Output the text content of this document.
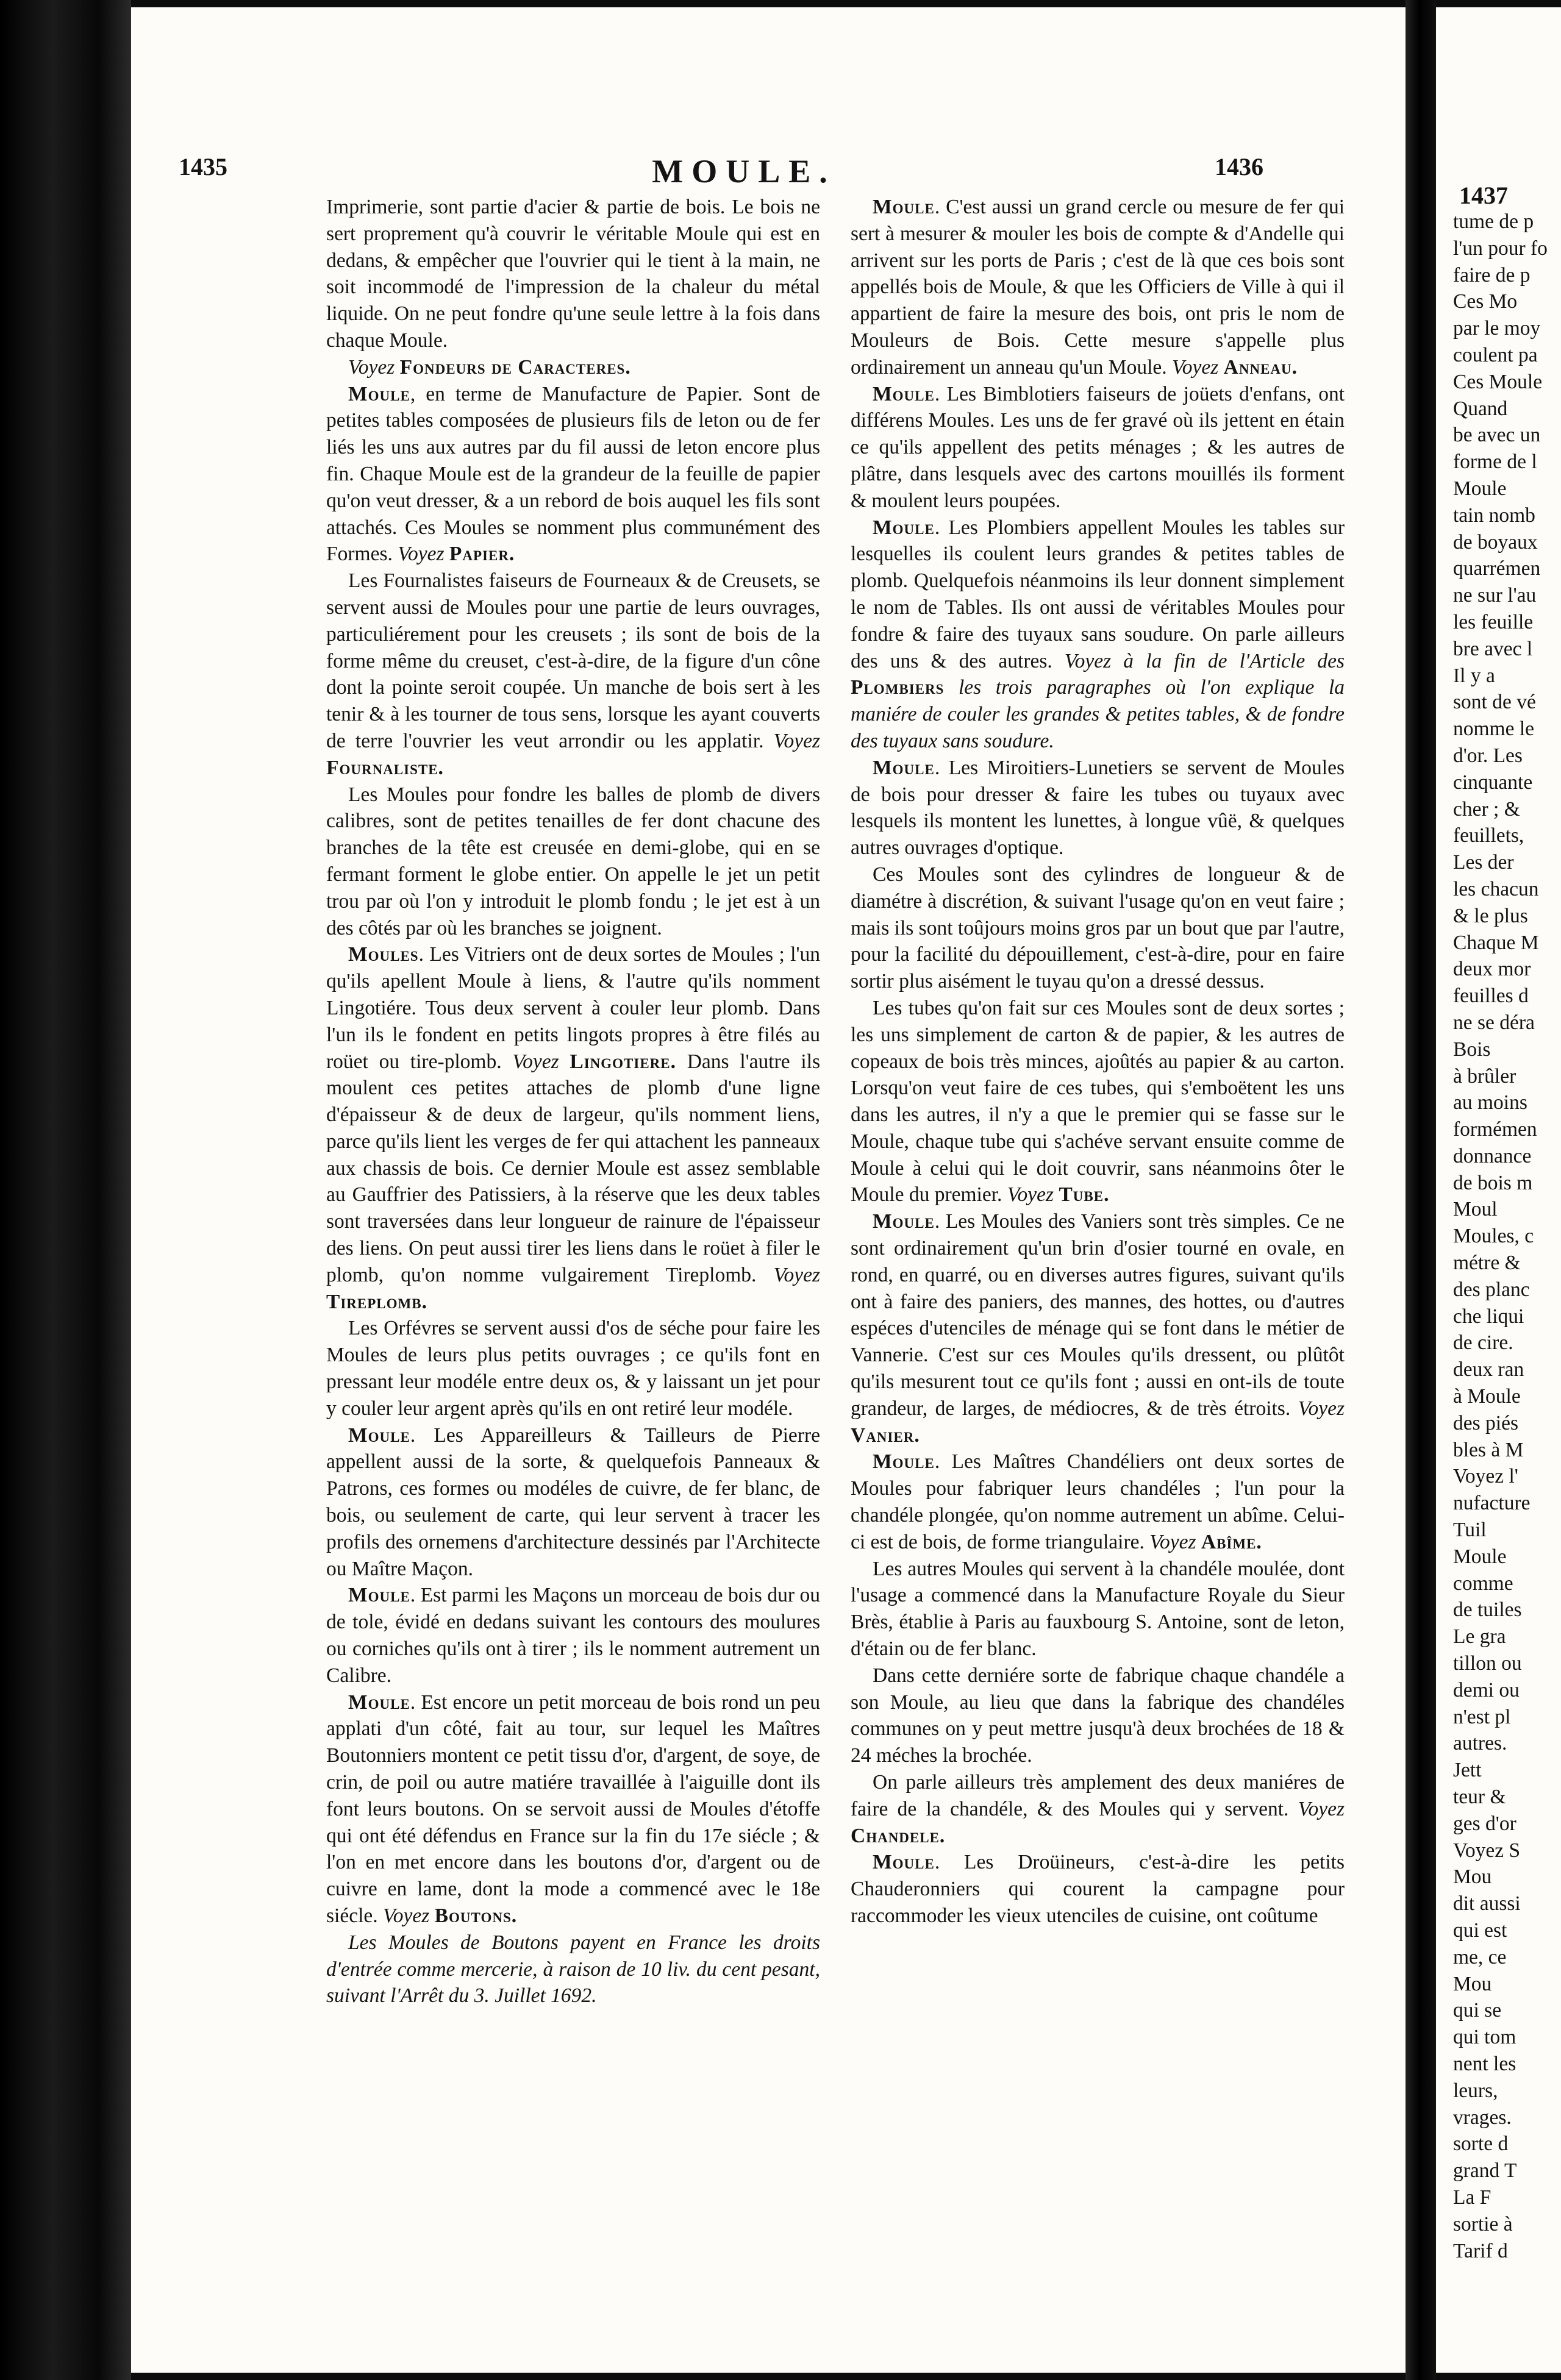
1435	MOULE.	1436

Imprimerie, sont partie d'acier & partie de bois. Le bois ne sert proprement qu'à couvrir le véritable Moule qui est en dedans, & empêcher que l'ouvrier qui le tient à la main, ne soit incommodé de l'impression de la chaleur du métal liquide. On ne peut fondre qu'une seule lettre à la fois dans chaque Moule.

Voyez Fondeurs de Caracteres.

Moule, en terme de Manufacture de Papier. Sont de petites tables composées de plusieurs fils de leton ou de fer liés les uns aux autres par du fil aussi de leton encore plus fin. Chaque Moule est de la grandeur de la feuille de papier qu'on veut dresser, & a un rebord de bois auquel les fils sont attachés. Ces Moules se nomment plus communément des Formes. Voyez Papier.

Les Fournalistes faiseurs de Fourneaux & de Creusets, se servent aussi de Moules pour une partie de leurs ouvrages, particuliérement pour les creusets ; ils sont de bois de la forme même du creuset, c'est-à-dire, de la figure d'un cône dont la pointe seroit coupée. Un manche de bois sert à les tenir & à les tourner de tous sens, lorsque les ayant couverts de terre l'ouvrier les veut arrondir ou les applatir. Voyez Fournaliste.

Les Moules pour fondre les balles de plomb de divers calibres, sont de petites tenailles de fer dont chacune des branches de la tête est creusée en demi-globe, qui en se fermant forment le globe entier. On appelle le jet un petit trou par où l'on y introduit le plomb fondu ; le jet est à un des côtés par où les branches se joignent.

Moules. Les Vitriers ont de deux sortes de Moules ; l'un qu'ils apellent Moule à liens, & l'autre qu'ils nomment Lingotiére. Tous deux servent à couler leur plomb. Dans l'un ils le fondent en petits lingots propres à être filés au roüet ou tire-plomb. Voyez Lingotiere. Dans l'autre ils moulent ces petites attaches de plomb d'une ligne d'épaisseur & de deux de largeur, qu'ils nomment liens, parce qu'ils lient les verges de fer qui attachent les panneaux aux chassis de bois. Ce dernier Moule est assez semblable au Gauffrier des Patissiers, à la réserve que les deux tables sont traversées dans leur longueur de rainure de l'épaisseur des liens. On peut aussi tirer les liens dans le roüet à filer le plomb, qu'on nomme vulgairement Tireplomb. Voyez Tireplomb.

Les Orfévres se servent aussi d'os de séche pour faire les Moules de leurs plus petits ouvrages ; ce qu'ils font en pressant leur modéle entre deux os, & y laissant un jet pour y couler leur argent après qu'ils en ont retiré leur modéle.

Moule. Les Appareilleurs & Tailleurs de Pierre appellent aussi de la sorte, & quelquefois Panneaux & Patrons, ces formes ou modéles de cuivre, de fer blanc, de bois, ou seulement de carte, qui leur servent à tracer les profils des ornemens d'architecture dessinés par l'Architecte ou Maître Maçon.

Moule. Est parmi les Maçons un morceau de bois dur ou de tole, évidé en dedans suivant les contours des moulures ou corniches qu'ils ont à tirer ; ils le nomment autrement un Calibre.

Moule. Est encore un petit morceau de bois rond un peu applati d'un côté, fait au tour, sur lequel les Maîtres Boutonniers montent ce petit tissu d'or, d'argent, de soye, de crin, de poil ou autre matiére travaillée à l'aiguille dont ils font leurs boutons. On se servoit aussi de Moules d'étoffe qui ont été défendus en France sur la fin du 17e siécle ; & l'on en met encore dans les boutons d'or, d'argent ou de cuivre en lame, dont la mode a commencé avec le 18e siécle. Voyez Boutons.

Les Moules de Boutons payent en France les droits d'entrée comme mercerie, à raison de 10 liv. du cent pesant, suivant l'Arrêt du 3. Juillet 1692.

Moule. C'est aussi un grand cercle ou mesure de fer qui sert à mesurer & mouler les bois de compte & d'Andelle qui arrivent sur les ports de Paris ; c'est de là que ces bois sont appellés bois de Moule, & que les Officiers de Ville à qui il appartient de faire la mesure des bois, ont pris le nom de Mouleurs de Bois. Cette mesure s'appelle plus ordinairement un anneau qu'un Moule. Voyez Anneau.

Moule. Les Bimblotiers faiseurs de joüets d'enfans, ont différens Moules. Les uns de fer gravé où ils jettent en étain ce qu'ils appellent des petits ménages ; & les autres de plâtre, dans lesquels avec des cartons mouillés ils forment & moulent leurs poupées.

Moule. Les Plombiers appellent Moules les tables sur lesquelles ils coulent leurs grandes & petites tables de plomb. Quelquefois néanmoins ils leur donnent simplement le nom de Tables. Ils ont aussi de véritables Moules pour fondre & faire des tuyaux sans soudure. On parle ailleurs des uns & des autres. Voyez à la fin de l'Article des Plombiers les trois paragraphes où l'on explique la maniére de couler les grandes & petites tables, & de fondre des tuyaux sans soudure.

Moule. Les Miroitiers-Lunetiers se servent de Moules de bois pour dresser & faire les tubes ou tuyaux avec lesquels ils montent les lunettes, à longue vûë, & quelques autres ouvrages d'optique.

Ces Moules sont des cylindres de longueur & de diamétre à discrétion, & suivant l'usage qu'on en veut faire ; mais ils sont toûjours moins gros par un bout que par l'autre, pour la facilité du dépouillement, c'est-à-dire, pour en faire sortir plus aisément le tuyau qu'on a dressé dessus.

Les tubes qu'on fait sur ces Moules sont de deux sortes ; les uns simplement de carton & de papier, & les autres de copeaux de bois très minces, ajoûtés au papier & au carton. Lorsqu'on veut faire de ces tubes, qui s'emboëtent les uns dans les autres, il n'y a que le premier qui se fasse sur le Moule, chaque tube qui s'achéve servant ensuite comme de Moule à celui qui le doit couvrir, sans néanmoins ôter le Moule du premier. Voyez Tube.

Moule. Les Moules des Vaniers sont très simples. Ce ne sont ordinairement qu'un brin d'osier tourné en ovale, en rond, en quarré, ou en diverses autres figures, suivant qu'ils ont à faire des paniers, des mannes, des hottes, ou d'autres espéces d'utenciles de ménage qui se font dans le métier de Vannerie. C'est sur ces Moules qu'ils dressent, ou plûtôt qu'ils mesurent tout ce qu'ils font ; aussi en ont-ils de toute grandeur, de larges, de médiocres, & de très étroits. Voyez Vanier.

Moule. Les Maîtres Chandéliers ont deux sortes de Moules pour fabriquer leurs chandéles ; l'un pour la chandéle plongée, qu'on nomme autrement un abîme. Celui-ci est de bois, de forme triangulaire. Voyez Abîme.

Les autres Moules qui servent à la chandéle moulée, dont l'usage a commencé dans la Manufacture Royale du Sieur Brès, établie à Paris au fauxbourg S. Antoine, sont de leton, d'étain ou de fer blanc.

Dans cette derniére sorte de fabrique chaque chandéle a son Moule, au lieu que dans la fabrique des chandéles communes on y peut mettre jusqu'à deux brochées de 18 & 24 méches la brochée.

On parle ailleurs très amplement des deux maniéres de faire de la chandéle, & des Moules qui y servent. Voyez Chandele.

Moule. Les Droüineurs, c'est-à-dire les petits Chauderonniers qui courent la campagne pour raccommoder les vieux utenciles de cuisine, ont coûtume

1437
tume de p
l'un pour fo
faire de p
Ces Mo
par le moy
coulent pa
Ces Moule
Quand
be avec un
forme de l
Moule
tain nomb
de boyaux
quarrémen
ne sur l'au
les feuille
bre avec l
Il y a
sont de vé
nomme le
d'or. Les
cinquante
cher ; &
feuillets,
Les der
les chacun
& le plus
Chaque M
deux mor
feuilles d
ne se déra
Bois
à brûler
au moins
formémen
donnance
de bois m
Moul
Moules, c
métre &
des planc
che liqui
de cire.
deux ran
à Moule
des piés
bles à M
Voyez l'
nufacture
Tuil
Moule
comme
de tuiles
Le gra
tillon ou
demi ou
n'est pl
autres.
Jett
teur &
ges d'or
Voyez S
Mou
dit aussi
qui est
me, ce
Mou
qui se
qui tom
nent les
leurs,
vrages.
sorte d
grand T
La F
sortie à
Tarif d
